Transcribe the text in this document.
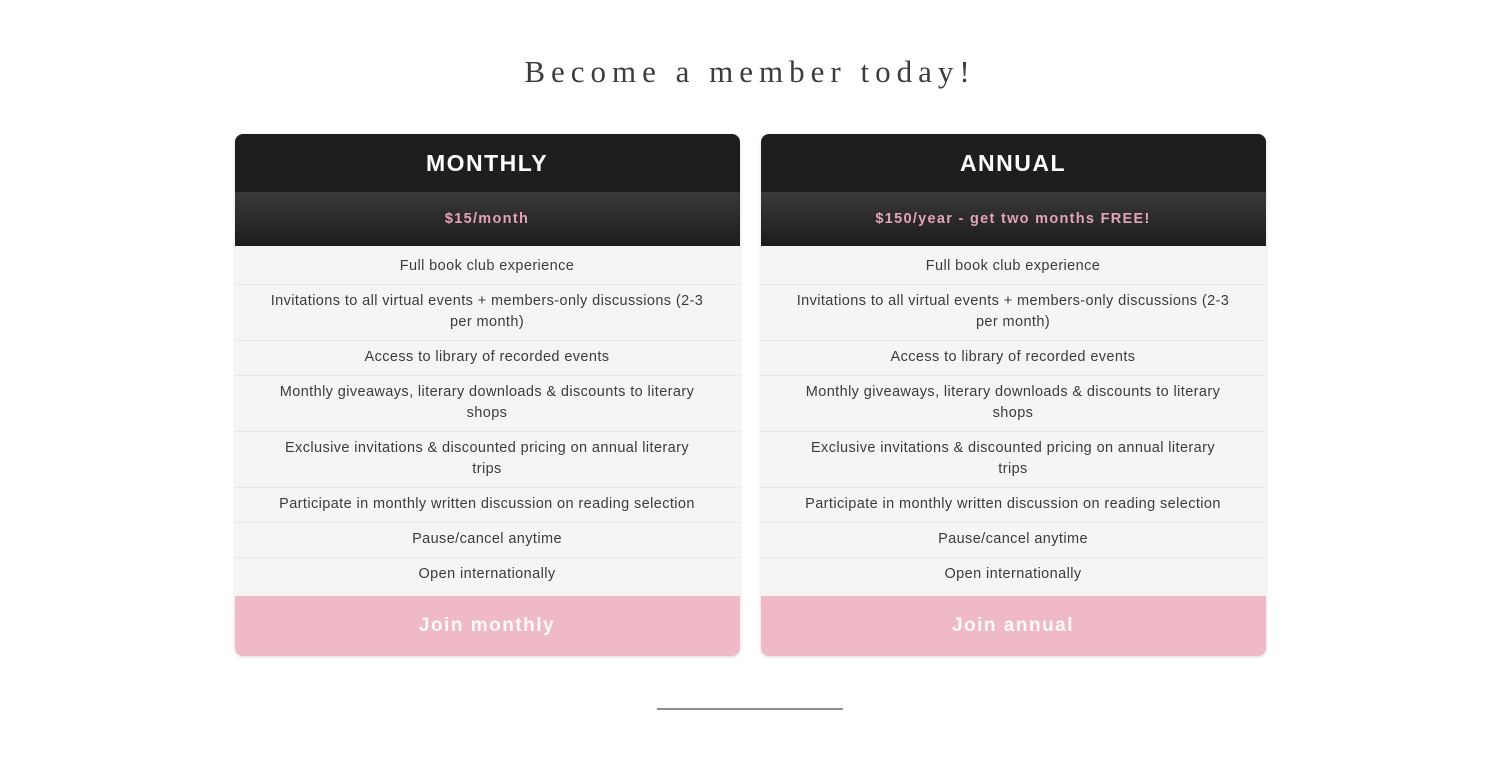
Become a member today!
MONTHLY
$15/month
Full book club experience
Invitations to all virtual events + members-only discussions (2-3 per month)
Access to library of recorded events
Monthly giveaways, literary downloads & discounts to literary shops
Exclusive invitations & discounted pricing on annual literary trips
Participate in monthly written discussion on reading selection
Pause/cancel anytime
Open internationally
Join monthly
ANNUAL
$150/year - get two months FREE!
Full book club experience
Invitations to all virtual events + members-only discussions (2-3 per month)
Access to library of recorded events
Monthly giveaways, literary downloads & discounts to literary shops
Exclusive invitations & discounted pricing on annual literary trips
Participate in monthly written discussion on reading selection
Pause/cancel anytime
Open internationally
Join annual
